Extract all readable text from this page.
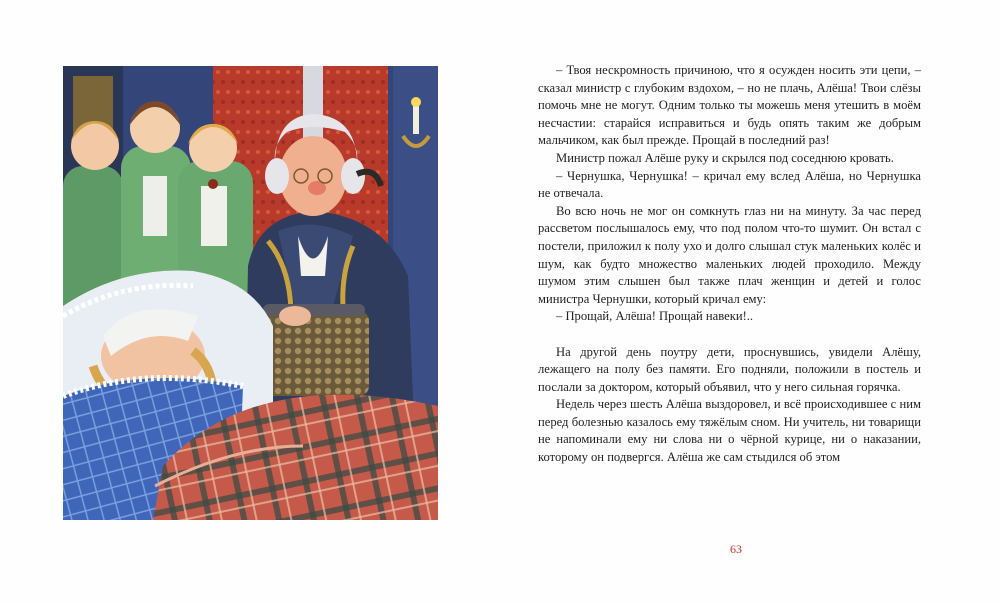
– Твоя нескромность причиною, что я осужден носить эти цепи, – сказал министр с глубоким вздохом, – но не плачь, Алёша! Твои слёзы помочь мне не могут. Одним только ты можешь меня утешить в моём несчастии: старайся исправиться и будь опять таким же добрым мальчиком, как был прежде. Прощай в последний раз!

Министр пожал Алёше руку и скрылся под соседнюю кровать.

– Чернушка, Чернушка! – кричал ему вслед Алёша, но Чернушка не отвечала.

Во всю ночь не мог он сомкнуть глаз ни на минуту. За час перед рассветом послышалось ему, что под полом что-то шумит. Он встал с постели, приложил к полу ухо и долго слышал стук маленьких колёс и шум, как будто множество маленьких людей проходило. Между шумом этим слышен был также плач женщин и детей и голос министра Чернушки, который кричал ему:

– Прощай, Алёша! Прощай навеки!..

На другой день поутру дети, проснувшись, увидели Алёшу, лежащего на полу без памяти. Его подняли, положили в постель и послали за доктором, который объявил, что у него сильная горячка.

Недель через шесть Алёша выздоровел, и всё происходившее с ним перед болезнью казалось ему тяжёлым сном. Ни учитель, ни товарищи не напоминали ему ни слова ни о чёрной курице, ни о наказании, которому он подвергся. Алёша же сам стыдился об этом

63
